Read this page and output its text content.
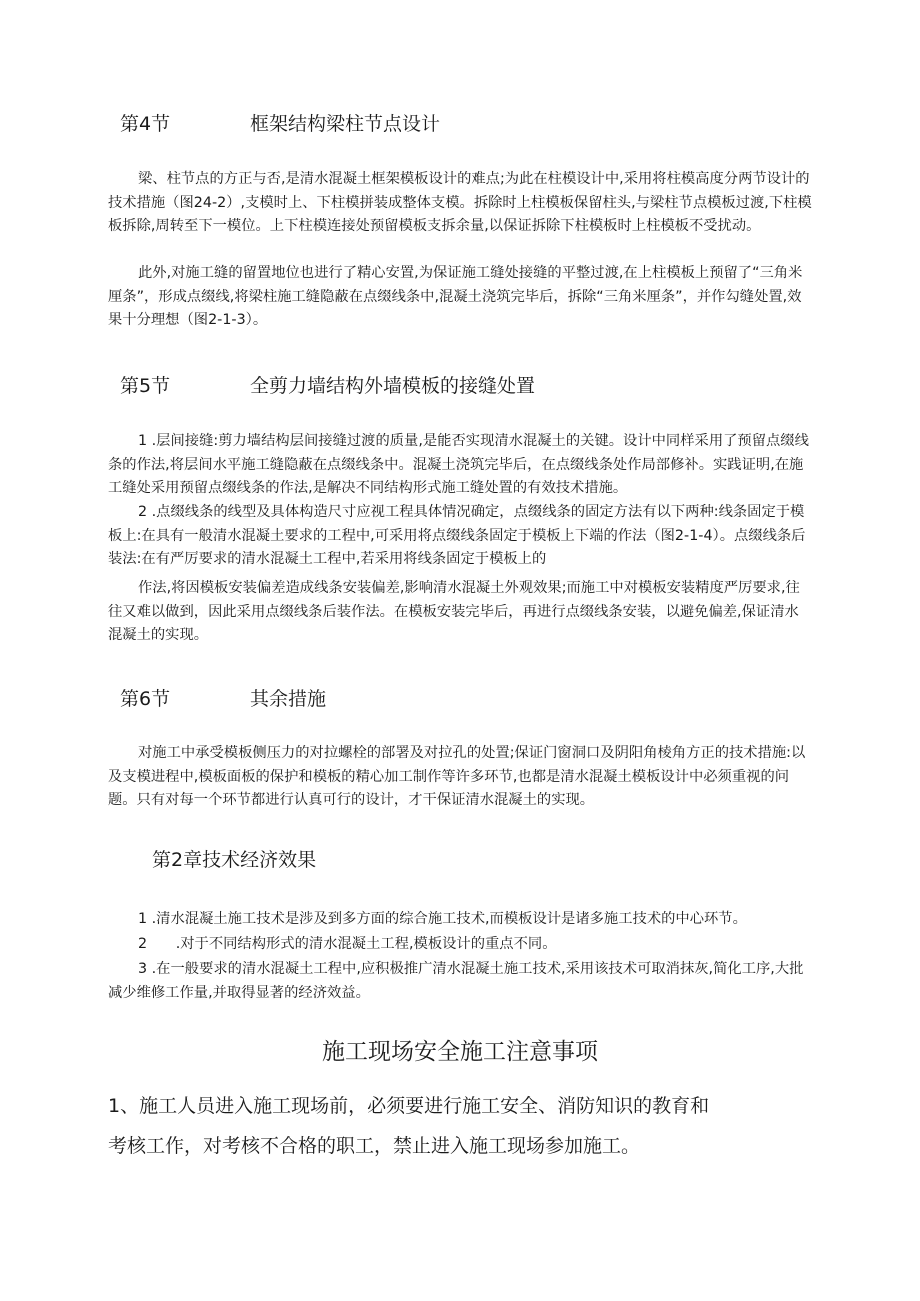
第4节	框架结构梁柱节点设计

梁、柱节点的方正与否,是清水混凝土框架模板设计的难点;为此在柱模设计中,采用将柱模高度分两节设计的技术措施（图24-2）,支模时上、下柱模拼装成整体支模。拆除时上柱模板保留柱头,与梁柱节点模板过渡,下柱模板拆除,周转至下一模位。上下柱模连接处预留模板支拆余量,以保证拆除下柱模板时上柱模板不受扰动。

此外,对施工缝的留置地位也进行了精心安置,为保证施工缝处接缝的平整过渡,在上柱模板上预留了“三角米厘条”，形成点缀线,将梁柱施工缝隐蔽在点缀线条中,混凝土浇筑完毕后，拆除“三角米厘条”，并作勾缝处置,效果十分理想（图2-1-3）。

第5节	全剪力墙结构外墙模板的接缝处置

1 .层间接缝:剪力墙结构层间接缝过渡的质量,是能否实现清水混凝土的关键。设计中同样采用了预留点缀线条的作法,将层间水平施工缝隐蔽在点缀线条中。混凝土浇筑完毕后，在点缀线条处作局部修补。实践证明,在施工缝处采用预留点缀线条的作法,是解决不同结构形式施工缝处置的有效技术措施。

2 .点缀线条的线型及具体构造尺寸应视工程具体情况确定，点缀线条的固定方法有以下两种:线条固定于模板上:在具有一般清水混凝土要求的工程中,可采用将点缀线条固定于模板上下端的作法（图2-1-4）。点缀线条后装法:在有严厉要求的清水混凝土工程中,若采用将线条固定于模板上的

作法,将因模板安装偏差造成线条安装偏差,影响清水混凝土外观效果;而施工中对模板安装精度严厉要求,往往又难以做到，因此采用点缀线条后装作法。在模板安装完毕后，再进行点缀线条安装，以避免偏差,保证清水混凝土的实现。

第6节	其余措施

对施工中承受模板侧压力的对拉螺栓的部署及对拉孔的处置;保证门窗洞口及阴阳角棱角方正的技术措施:以及支模进程中,模板面板的保护和模板的精心加工制作等许多环节,也都是清水混凝土模板设计中必须重视的问题。只有对每一个环节都进行认真可行的设计，才干保证清水混凝土的实现。

第2章技术经济效果

1 .清水混凝土施工技术是涉及到多方面的综合施工技术,而模板设计是诸多施工技术的中心环节。

2　　.对于不同结构形式的清水混凝土工程,模板设计的重点不同。

3 .在一般要求的清水混凝土工程中,应积极推广清水混凝土施工技术,采用该技术可取消抹灰,简化工序,大批减少维修工作量,并取得显著的经济效益。

施工现场安全施工注意事项
1、施工人员进入施工现场前，必须要进行施工安全、消防知识的教育和
考核工作，对考核不合格的职工，禁止进入施工现场参加施工。
